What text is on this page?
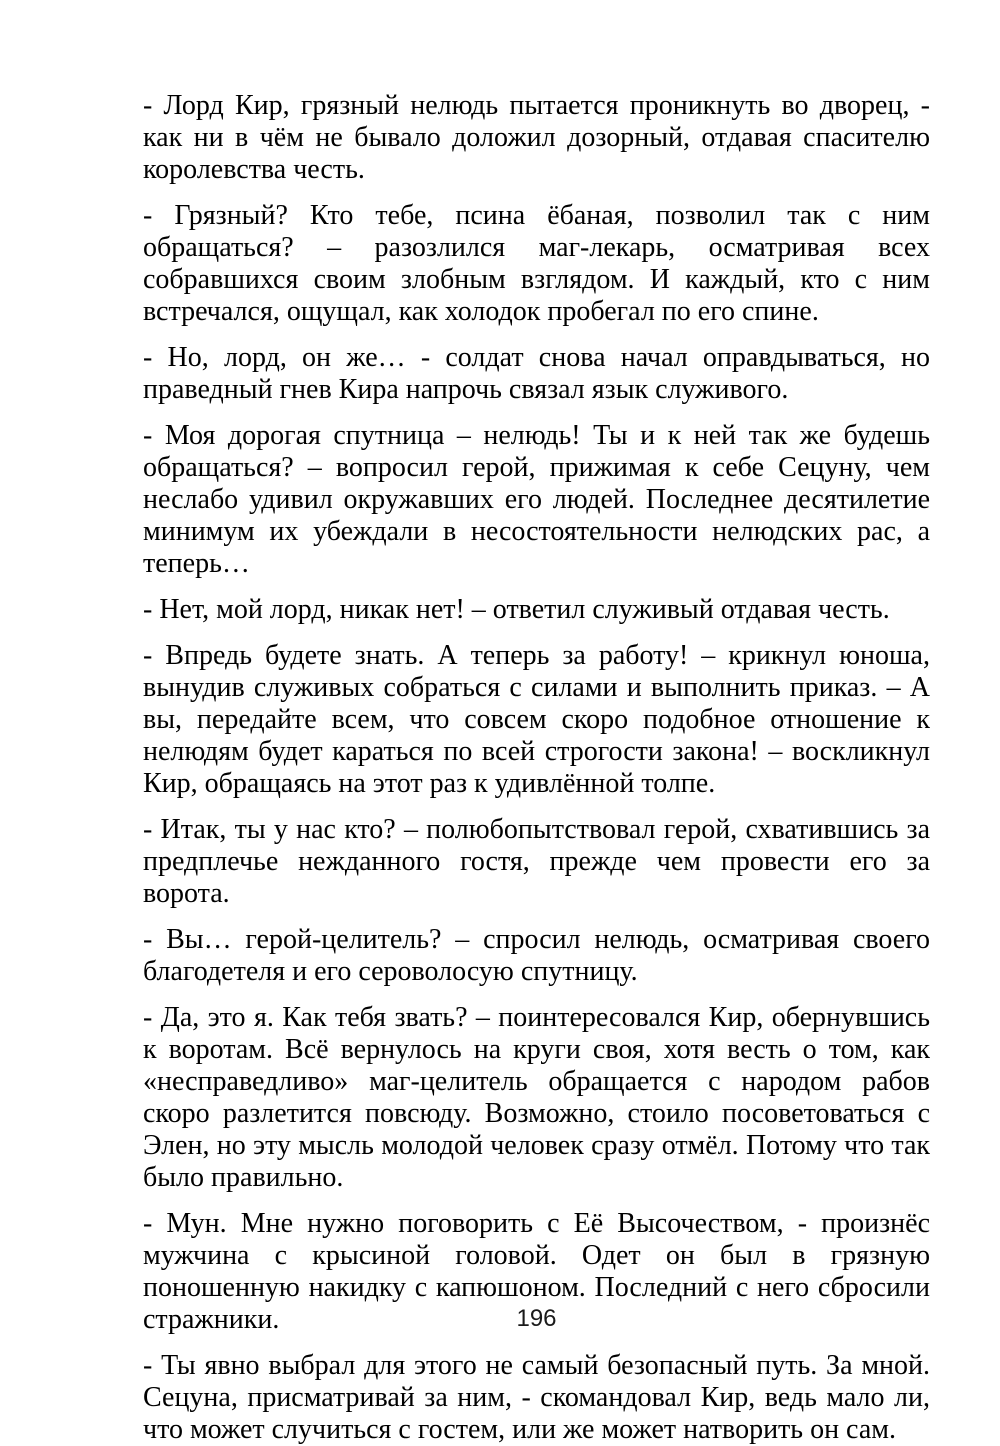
- Лорд Кир, грязный нелюдь пытается проникнуть во дворец, - как ни в чём не бывало доложил дозорный, отдавая спасителю королевства честь.

- Грязный? Кто тебе, псина ёбаная, позволил так с ним обращаться? – разозлился маг-лекарь, осматривая всех собравшихся своим злобным взглядом. И каждый, кто с ним встречался, ощущал, как холодок пробегал по его спине.

- Но, лорд, он же… - солдат снова начал оправдываться, но праведный гнев Кира напрочь связал язык служивого.

- Моя дорогая спутница – нелюдь! Ты и к ней так же будешь обращаться? – вопросил герой, прижимая к себе Сецуну, чем неслабо удивил окружавших его людей. Последнее десятилетие минимум их убеждали в несостоятельности нелюдских рас, а теперь…

- Нет, мой лорд, никак нет! – ответил служивый отдавая честь.

- Впредь будете знать. А теперь за работу! – крикнул юноша, вынудив служивых собраться с силами и выполнить приказ. – А вы, передайте всем, что совсем скоро подобное отношение к нелюдям будет караться по всей строгости закона! – воскликнул Кир, обращаясь на этот раз к удивлённой толпе.

- Итак, ты у нас кто? – полюбопытствовал герой, схватившись за предплечье нежданного гостя, прежде чем провести его за ворота.

- Вы… герой-целитель? – спросил нелюдь, осматривая своего благодетеля и его сероволосую спутницу.

- Да, это я. Как тебя звать? – поинтересовался Кир, обернувшись к воротам. Всё вернулось на круги своя, хотя весть о том, как «несправедливо» маг-целитель обращается с народом рабов скоро разлетится повсюду. Возможно, стоило посоветоваться с Элен, но эту мысль молодой человек сразу отмёл. Потому что так было правильно.

- Мун. Мне нужно поговорить с Её Высочеством, - произнёс мужчина с крысиной головой. Одет он был в грязную поношенную накидку с капюшоном. Последний с него сбросили стражники.

- Ты явно выбрал для этого не самый безопасный путь. За мной. Сецуна, присматривай за ним, - скомандовал Кир, ведь мало ли, что может случиться с гостем, или же может натворить он сам.

196
